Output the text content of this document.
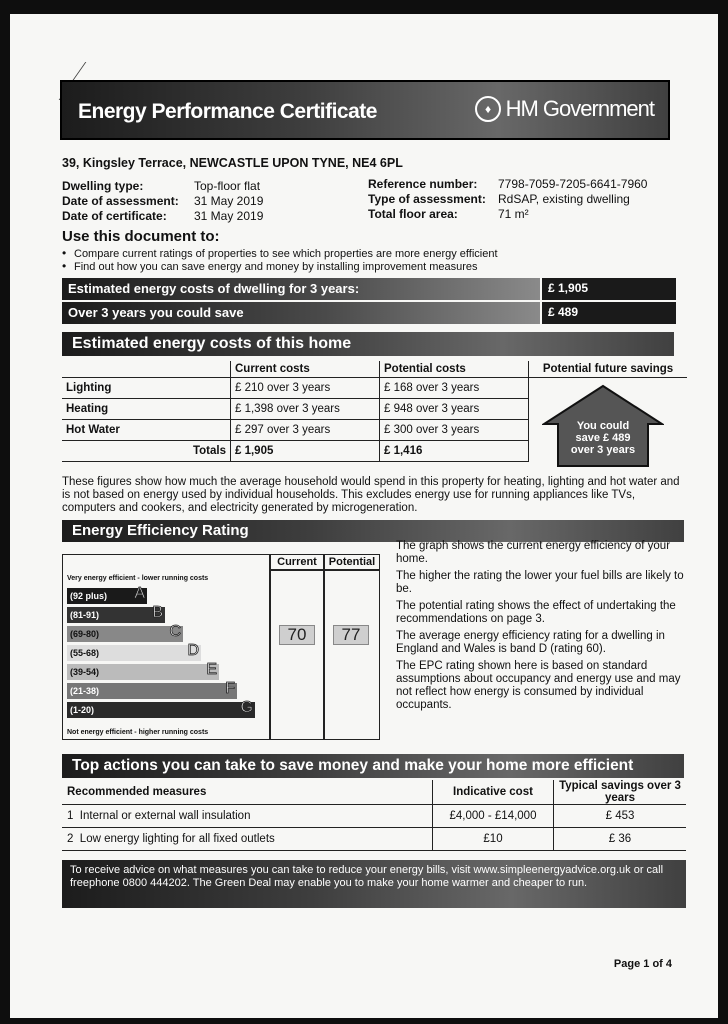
Energy Performance Certificate	♦ HM Government
39, Kingsley Terrace, NEWCASTLE UPON TYNE, NE4 6PL
Dwelling type:	Top-floor flat
Date of assessment: 31 May 2019
Date of certificate: 31 May 2019
Reference number: 7798-7059-7205-6641-7960
Type of assessment: RdSAP, existing dwelling
Total floor area:	71 m²
Use this document to:
• Compare current ratings of properties to see which properties are more energy efficient
• Find out how you can save energy and money by installing improvement measures
Estimated energy costs of dwelling for 3 years:	£ 1,905
Over 3 years you could save	£ 489
Estimated energy costs of this home
	Current costs	Potential costs	Potential future savings
Lighting	£ 210 over 3 years	£ 168 over 3 years	
Heating	£ 1,398 over 3 years	£ 948 over 3 years	
Hot Water	£ 297 over 3 years	£ 300 over 3 years	
Totals	£ 1,905	£ 1,416	
You could
save £ 489
over 3 years
These figures show how much the average household would spend in this property for heating, lighting and hot water and is not based on energy used by individual households. This excludes energy use for running appliances like TVs, computers and cookers, and electricity generated by microgeneration.
Energy Efficiency Rating
Current	Potential
Very energy efficient - lower running costs
Not energy efficient - higher running costs
(92 plus) A
(81-91)	B
(69-80)	C
(55-68)	D
(39-54)	E
(21-38)	F
(1-20)	G
70	77
The graph shows the current energy efficiency of your home.
The higher the rating the lower your fuel bills are likely to be.
The potential rating shows the effect of undertaking the recommendations on page 3.
The average energy efficiency rating for a dwelling in England and Wales is band D (rating 60).
The EPC rating shown here is based on standard assumptions about occupancy and energy use and may not reflect how energy is consumed by individual occupants.
Top actions you can take to save money and make your home more efficient
Recommended measures	Indicative cost	Typical savings over 3 years
1 Internal or external wall insulation	£4,000 - £14,000	£ 453
2 Low energy lighting for all fixed outlets	£10	£ 36
To receive advice on what measures you can take to reduce your energy bills, visit www.simpleenergyadvice.org.uk or call freephone 0800 444202. The Green Deal may enable you to make your home warmer and cheaper to run.
Page 1 of 4
